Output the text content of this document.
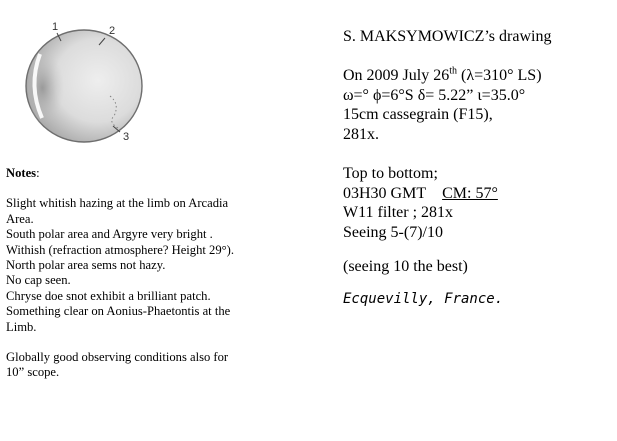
1	2
3

Notes:

Slight whitish hazing at the limb on Arcadia

Area.

South polar area and Argyre very bright .

Withish (refraction atmosphere? Height 29°).

North polar area sems not hazy.

No cap seen.

Chryse doe snot exhibit a brilliant patch.

Something clear on Aonius-Phaetontis at the

Limb.

Globally good observing conditions also for

10” scope.

S. MAKSYMOWICZ’s drawing

On 2009 July 26th (λ=310° LS)

ω=° ϕ=6°S δ= 5.22” ι=35.0°

15cm cassegrain (F15),

281x.

Top to bottom;

03H30 GMT CM: 57°

W11 filter ; 281x

Seeing 5-(7)/10

(seeing 10 the best)

Ecquevilly, France.
